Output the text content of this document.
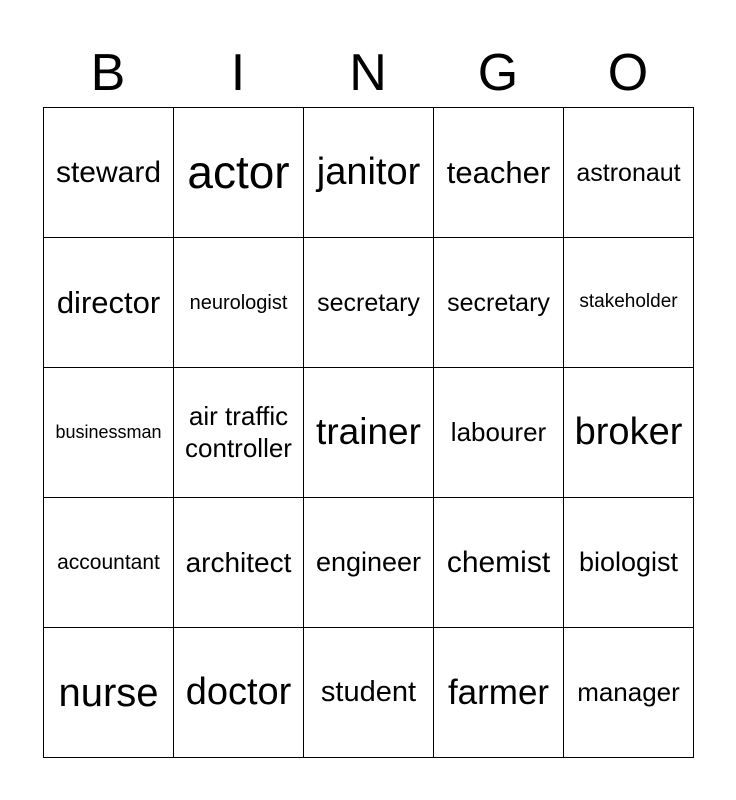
B	I	N	G	O
steward	actor	janitor	teacher	astronaut
director	neurologist	secretary	secretary	stakeholder
businessman	air traffic controller	trainer	labourer	broker
accountant	architect	engineer	chemist	biologist
nurse	doctor	student	farmer	manager
